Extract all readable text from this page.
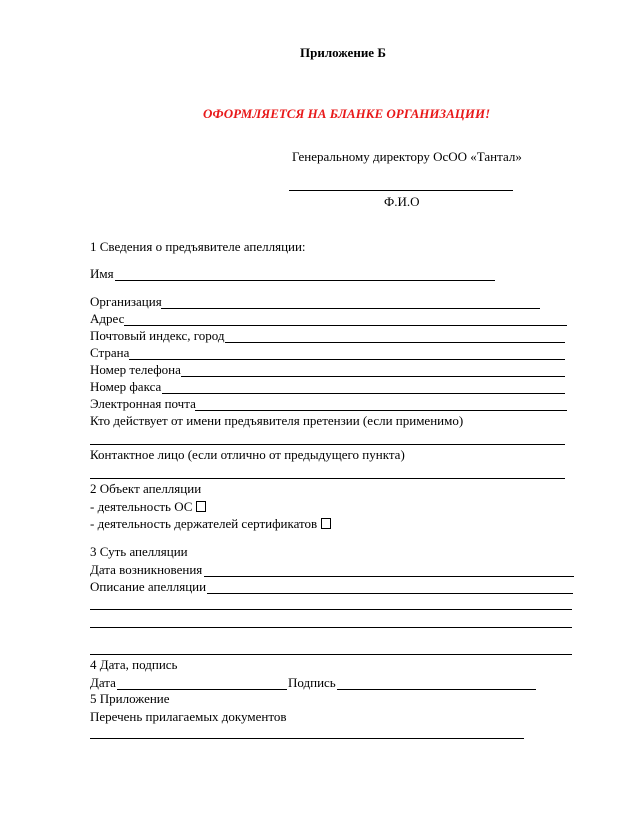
Приложение Б
ОФОРМЛЯЕТСЯ НА БЛАНКЕ ОРГАНИЗАЦИИ!
Генеральному директору ОсОО «Тантал»
Ф.И.О
1 Сведения о предъявителе апелляции:
Имя
Организация
Адрес
Почтовый индекс, город
Страна
Номер телефона
Номер факса
Электронная почта
Кто действует от имени предъявителя претензии (если применимо)
Контактное лицо (если отлично от предыдущего пункта)
2 Объект апелляции
- деятельность ОС
- деятельность держателей сертификатов
3 Суть апелляции
Дата возникновения
Описание апелляции
4 Дата, подпись
Дата	Подпись
5 Приложение
Перечень прилагаемых документов
